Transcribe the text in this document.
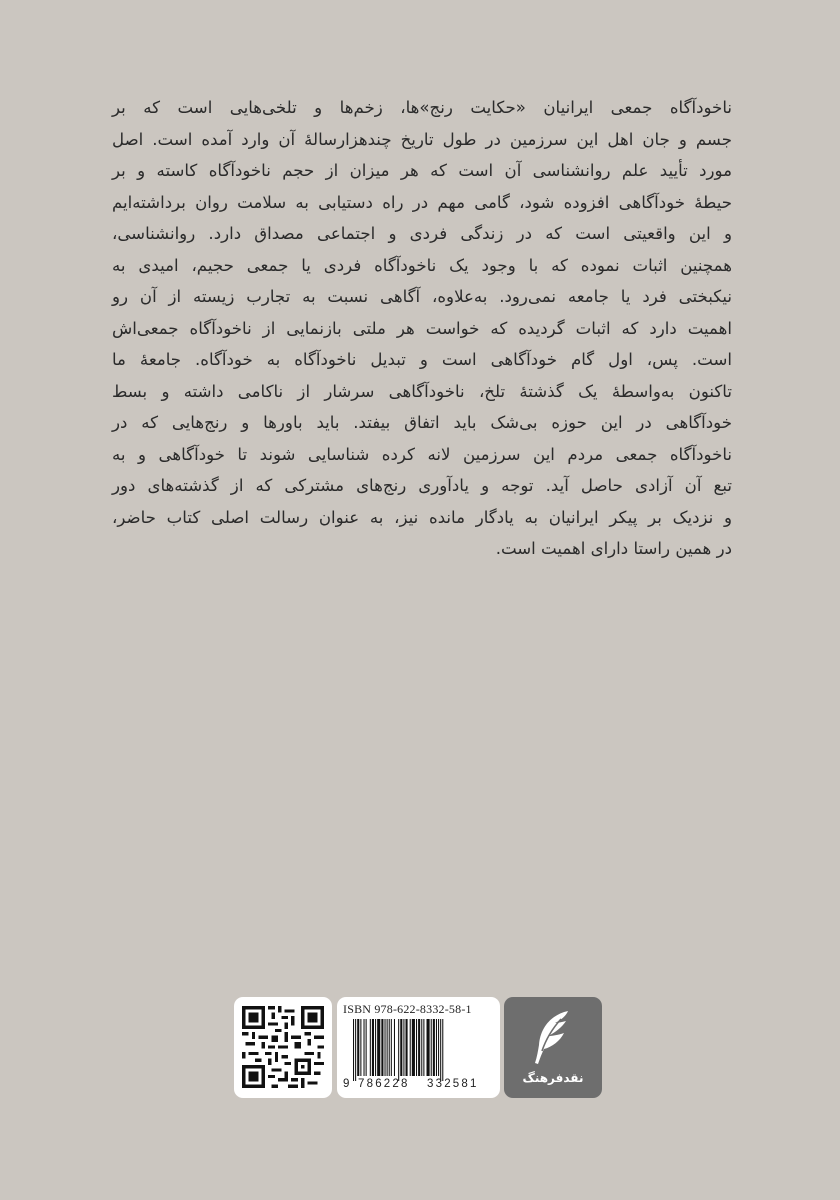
ناخودآگاه جمعی ایرانیان «حکایت رنج»ها، زخم‌ها و تلخی‌هایی است که بر
جسم و جان اهل این سرزمین در طول تاریخ چندهزارسالهٔ آن وارد آمده است. اصل
مورد تأیید علم روانشناسی آن است که هر میزان از حجم ناخودآگاه کاسته و بر
حیطهٔ خودآگاهی افزوده شود، گامی مهم در راه دستیابی به سلامت روان برداشته‌ایم
و این واقعیتی است که در زندگی فردی و اجتماعی مصداق دارد. روانشناسی،
همچنین اثبات نموده که با وجود یک ناخودآگاه فردی یا جمعی حجیم، امیدی به
نیکبختی فرد یا جامعه نمی‌رود. به‌علاوه، آگاهی نسبت به تجارب زیسته از آن رو
اهمیت دارد که اثبات گردیده که خواست هر ملتی بازنمایی از ناخودآگاه جمعی‌اش
است. پس، اول گام خودآگاهی است و تبدیل ناخودآگاه به خودآگاه. جامعهٔ ما
تاکنون به‌واسطهٔ یک گذشتهٔ تلخ، ناخودآگاهی سرشار از ناکامی داشته و بسط
خودآگاهی در این حوزه بی‌شک باید اتفاق بیفتد. باید باورها و رنج‌هایی که در
ناخودآگاه جمعی مردم این سرزمین لانه کرده شناسایی شوند تا خودآگاهی و به
تبع آن آزادی حاصل آید. توجه و یادآوری رنج‌های مشترکی که از گذشته‌های دور
و نزدیک بر پیکر ایرانیان به یادگار مانده نیز، به عنوان رسالت اصلی کتاب حاضر،
در همین راستا دارای اهمیت است.
ISBN 978-622-8332-58-1
9 786228 332581	نقدفرهنگ
